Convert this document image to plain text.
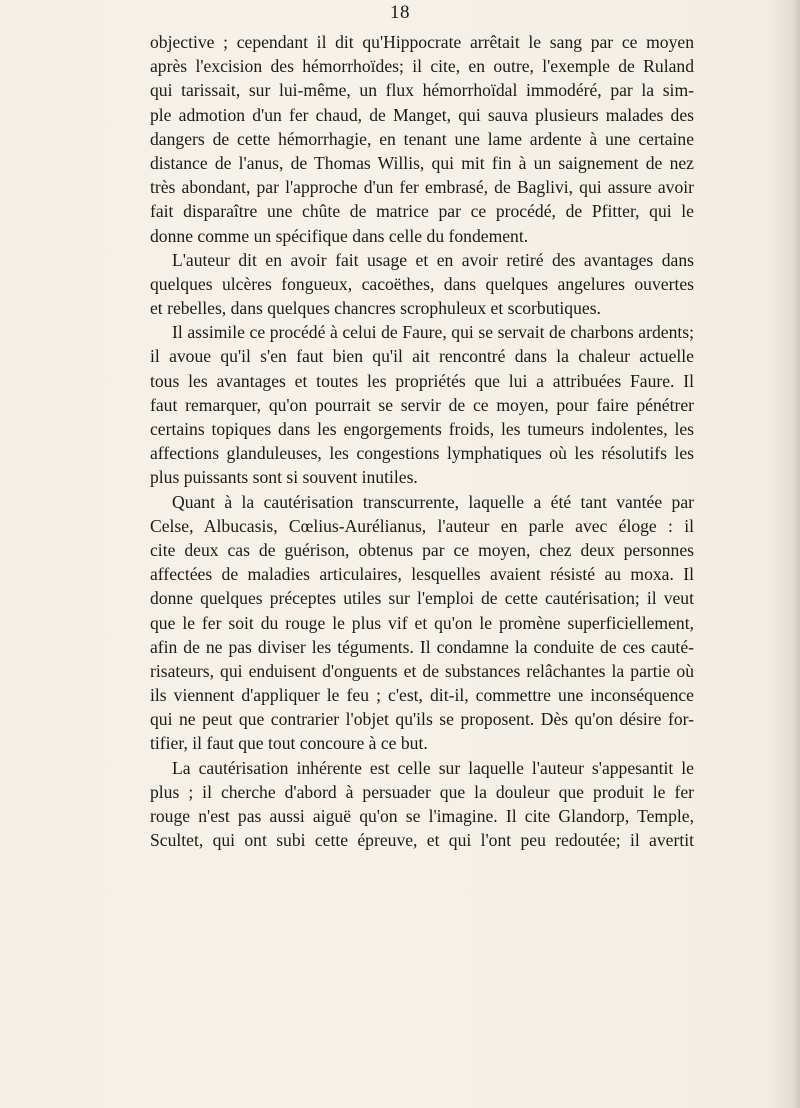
18
objective ; cependant il dit qu'Hippocrate arrêtait le sang par ce moyen
après l'excision des hémorrhoïdes; il cite, en outre, l'exemple de Ruland
qui tarissait, sur lui-même, un flux hémorrhoïdal immodéré, par la sim-
ple admotion d'un fer chaud, de Manget, qui sauva plusieurs malades des
dangers de cette hémorrhagie, en tenant une lame ardente à une certaine
distance de l'anus, de Thomas Willis, qui mit fin à un saignement de nez
très abondant, par l'approche d'un fer embrasé, de Baglivi, qui assure avoir
fait disparaître une chûte de matrice par ce procédé, de Pfitter, qui le
donne comme un spécifique dans celle du fondement.
L'auteur dit en avoir fait usage et en avoir retiré des avantages dans
quelques ulcères fongueux, cacoëthes, dans quelques angelures ouvertes
et rebelles, dans quelques chancres scrophuleux et scorbutiques.
Il assimile ce procédé à celui de Faure, qui se servait de charbons ardents;
il avoue qu'il s'en faut bien qu'il ait rencontré dans la chaleur actuelle
tous les avantages et toutes les propriétés que lui a attribuées Faure. Il
faut remarquer, qu'on pourrait se servir de ce moyen, pour faire pénétrer
certains topiques dans les engorgements froids, les tumeurs indolentes, les
affections glanduleuses, les congestions lymphatiques où les résolutifs les
plus puissants sont si souvent inutiles.
Quant à la cautérisation transcurrente, laquelle a été tant vantée par
Celse, Albucasis, Cœlius-Aurélianus, l'auteur en parle avec éloge : il
cite deux cas de guérison, obtenus par ce moyen, chez deux personnes
affectées de maladies articulaires, lesquelles avaient résisté au moxa. Il
donne quelques préceptes utiles sur l'emploi de cette cautérisation; il veut
que le fer soit du rouge le plus vif et qu'on le promène superficiellement,
afin de ne pas diviser les téguments. Il condamne la conduite de ces cauté-
risateurs, qui enduisent d'onguents et de substances relâchantes la partie où
ils viennent d'appliquer le feu ; c'est, dit-il, commettre une inconséquence
qui ne peut que contrarier l'objet qu'ils se proposent. Dès qu'on désire for-
tifier, il faut que tout concoure à ce but.
La cautérisation inhérente est celle sur laquelle l'auteur s'appesantit le
plus ; il cherche d'abord à persuader que la douleur que produit le fer
rouge n'est pas aussi aiguë qu'on se l'imagine. Il cite Glandorp, Temple,
Scultet, qui ont subi cette épreuve, et qui l'ont peu redoutée; il avertit
